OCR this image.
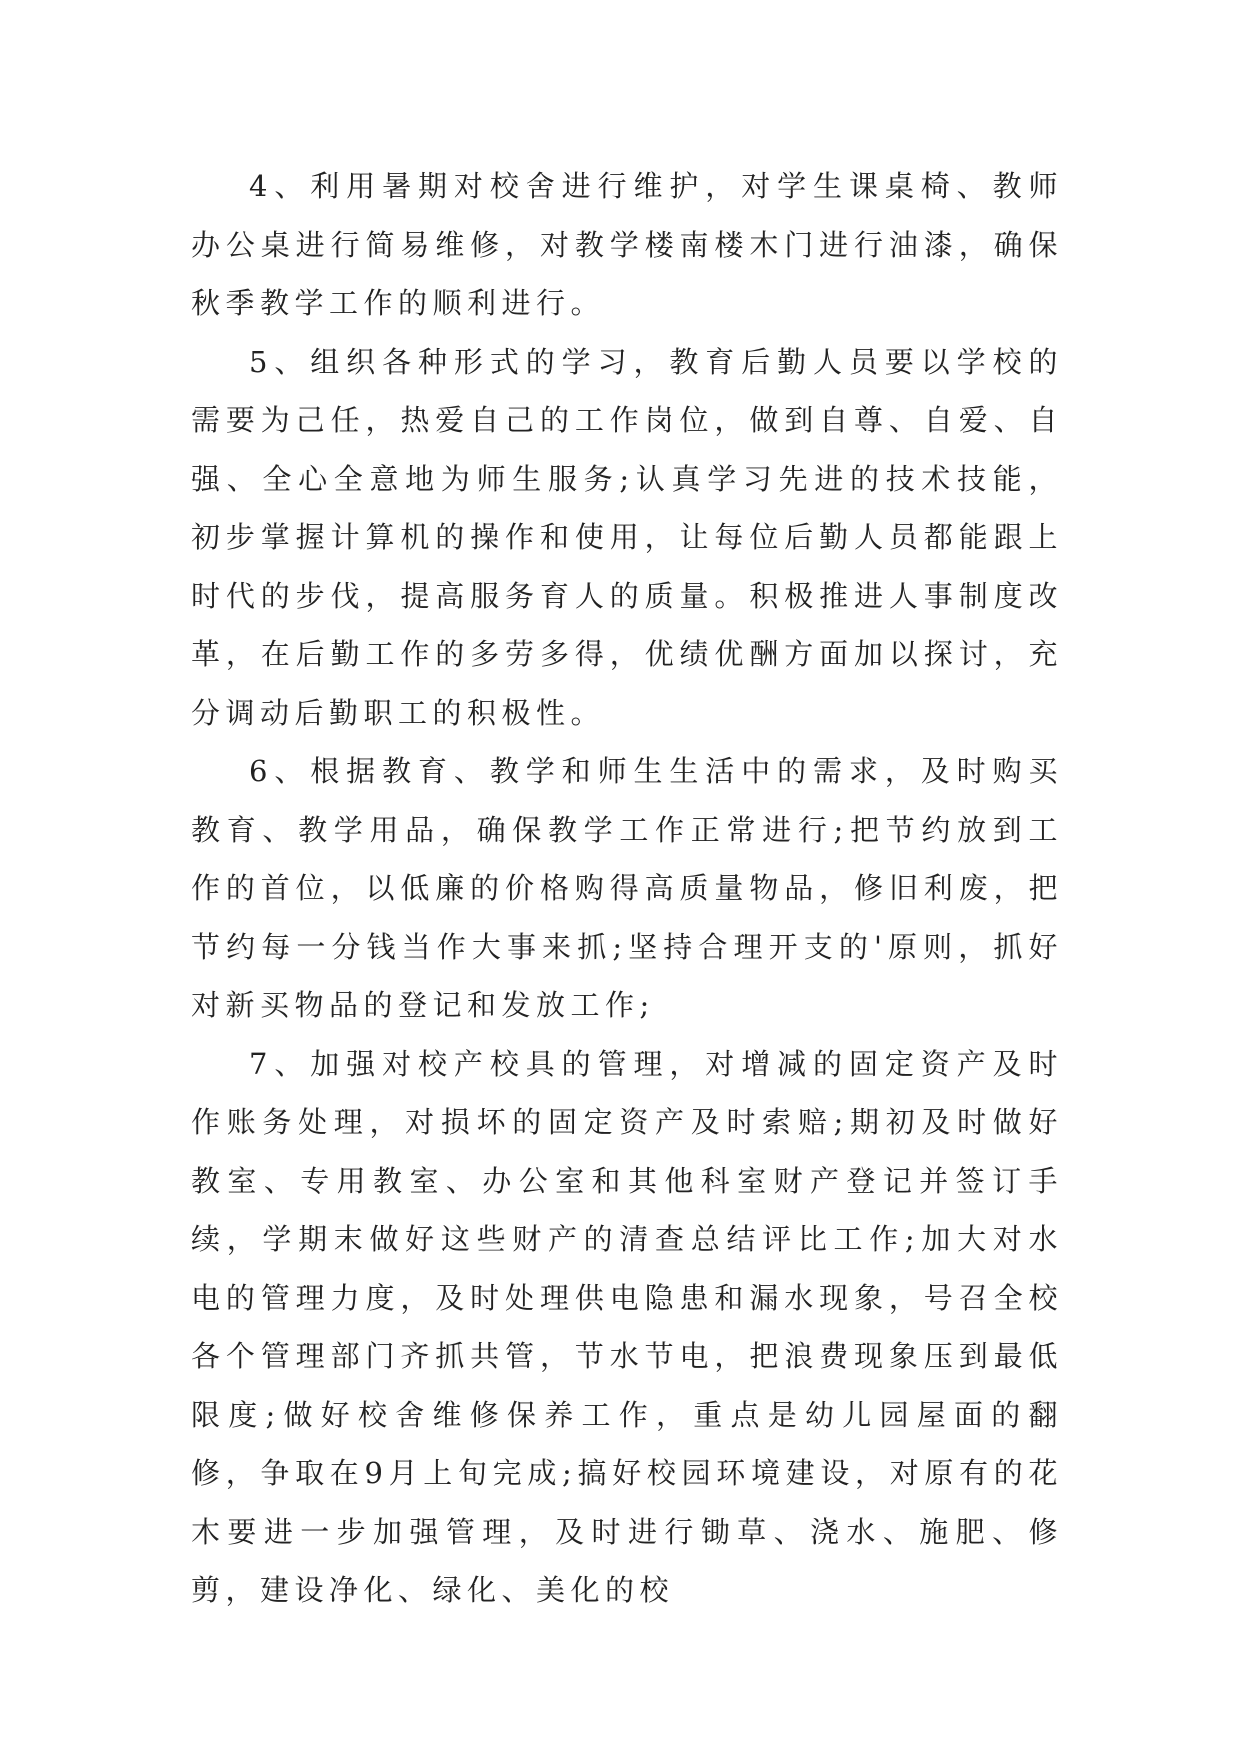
4、利用暑期对校舍进行维护，对学生课桌椅、教师办公桌进行简易维修，对教学楼南楼木门进行油漆，确保秋季教学工作的顺利进行。

5、组织各种形式的学习，教育后勤人员要以学校的需要为己任，热爱自己的工作岗位，做到自尊、自爱、自强、全心全意地为师生服务;认真学习先进的技术技能，初步掌握计算机的操作和使用，让每位后勤人员都能跟上时代的步伐，提高服务育人的质量。积极推进人事制度改革，在后勤工作的多劳多得，优绩优酬方面加以探讨，充分调动后勤职工的积极性。

6、根据教育、教学和师生生活中的需求，及时购买教育、教学用品，确保教学工作正常进行;把节约放到工作的首位，以低廉的价格购得高质量物品，修旧利废，把节约每一分钱当作大事来抓;坚持合理开支的'原则，抓好对新买物品的登记和发放工作;

7、加强对校产校具的管理，对增减的固定资产及时作账务处理，对损坏的固定资产及时索赔;期初及时做好教室、专用教室、办公室和其他科室财产登记并签订手续，学期末做好这些财产的清查总结评比工作;加大对水电的管理力度，及时处理供电隐患和漏水现象，号召全校各个管理部门齐抓共管，节水节电，把浪费现象压到最低限度;做好校舍维修保养工作，重点是幼儿园屋面的翻修，争取在9月上旬完成;搞好校园环境建设，对原有的花木要进一步加强管理，及时进行锄草、浇水、施肥、修剪，建设净化、绿化、美化的校
